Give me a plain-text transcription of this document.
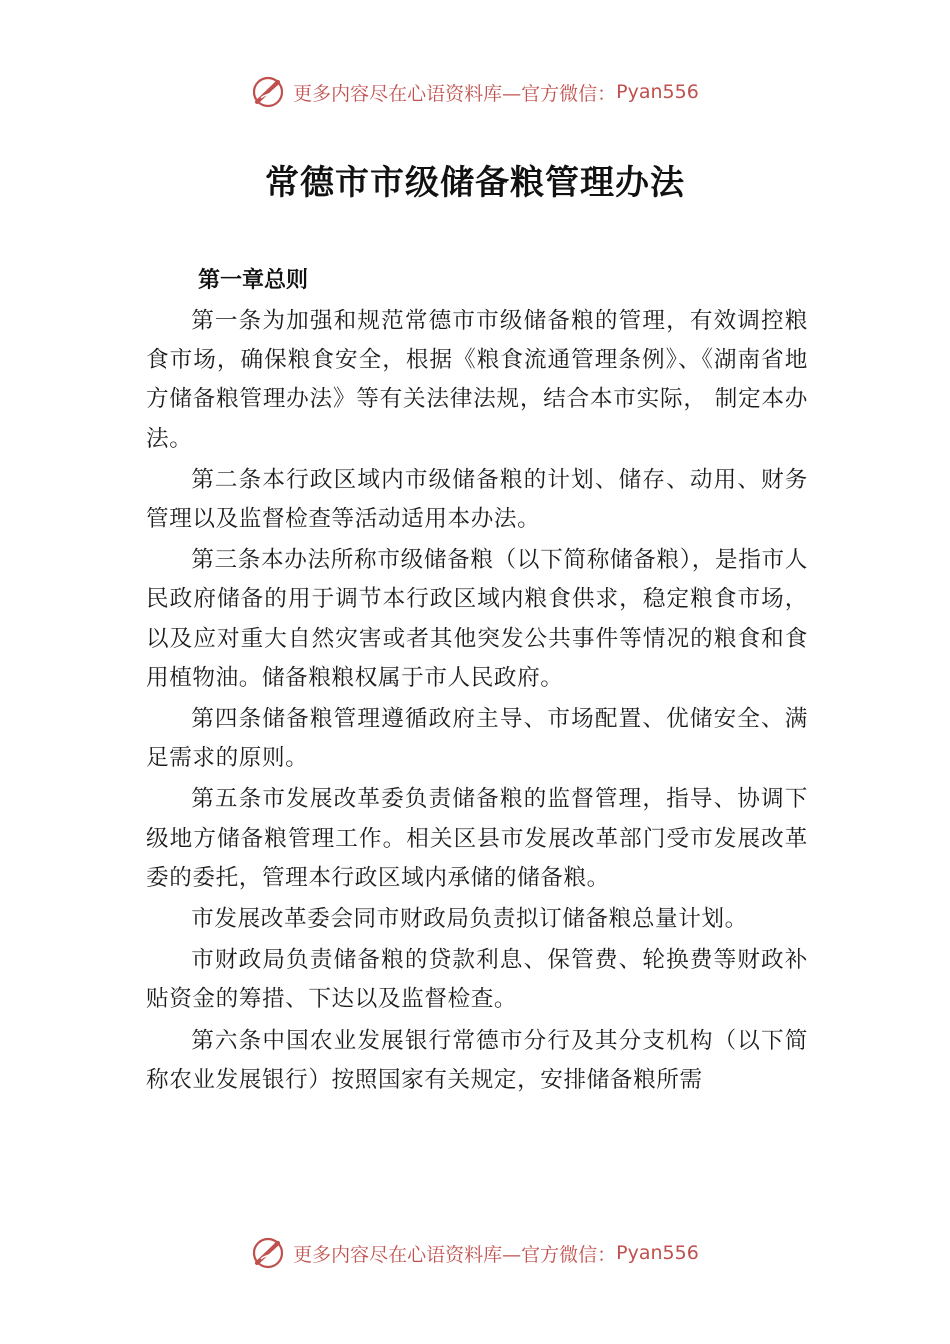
更多内容尽在心语资料库—官方微信： Pyan556
常德市市级储备粮管理办法

第一章总则

第一条为加强和规范常德市市级储备粮的管理，有效调控粮食市场，确保粮食安全，根据《粮食流通管理条例》、《湖南省地方储备粮管理办法》等有关法律法规，结合本市实际， 制定本办法。

第二条本行政区域内市级储备粮的计划、储存、动用、财务管理以及监督检查等活动适用本办法。

第三条本办法所称市级储备粮（以下简称储备粮），是指市人民政府储备的用于调节本行政区域内粮食供求，稳定粮食市场，以及应对重大自然灾害或者其他突发公共事件等情况的粮食和食用植物油。储备粮粮权属于市人民政府。

第四条储备粮管理遵循政府主导、市场配置、优储安全、满足需求的原则。

第五条市发展改革委负责储备粮的监督管理，指导、协调下级地方储备粮管理工作。相关区县市发展改革部门受市发展改革委的委托，管理本行政区域内承储的储备粮。

市发展改革委会同市财政局负责拟订储备粮总量计划。

市财政局负责储备粮的贷款利息、保管费、轮换费等财政补贴资金的筹措、下达以及监督检查。

第六条中国农业发展银行常德市分行及其分支机构（以下简称农业发展银行）按照国家有关规定，安排储备粮所需

更多内容尽在心语资料库—官方微信： Pyan556
